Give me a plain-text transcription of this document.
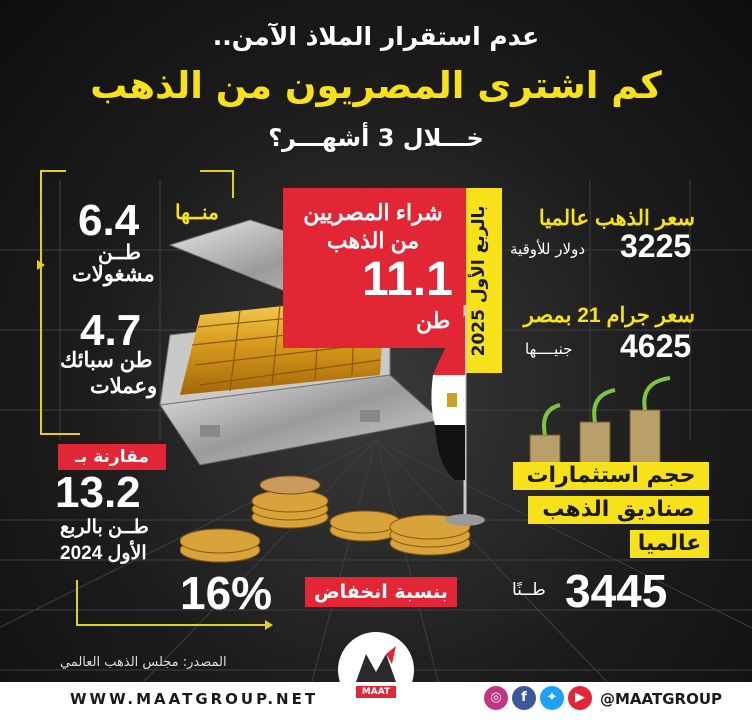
عدم استقرار الملاذ الآمن..
كم اشترى المصريون من الذهب
خـــلال 3 أشهـــر؟
منــها
6.4
طــن
مشغولات
4.7
طن سبائك
وعملات
مقارنة بـ
13.2
طــن بالربع
الأول 2024
شراء المصريين
من الذهب
11.1
طن بالربع الأول 2025	سعر الذهب عالميا
3225
دولار للأوقية
سعر جرام 21 بمصر
4625
جنيــــها
حجم استثمارات
صناديق الذهب
عالميا
3445
طــنًا
16%	بنسبة انخفاض
المصدر: مجلس الذهب العالمي
WWW.MAATGROUP.NET	@MAATGROUP
◎	f	✦	▶
MAAT
